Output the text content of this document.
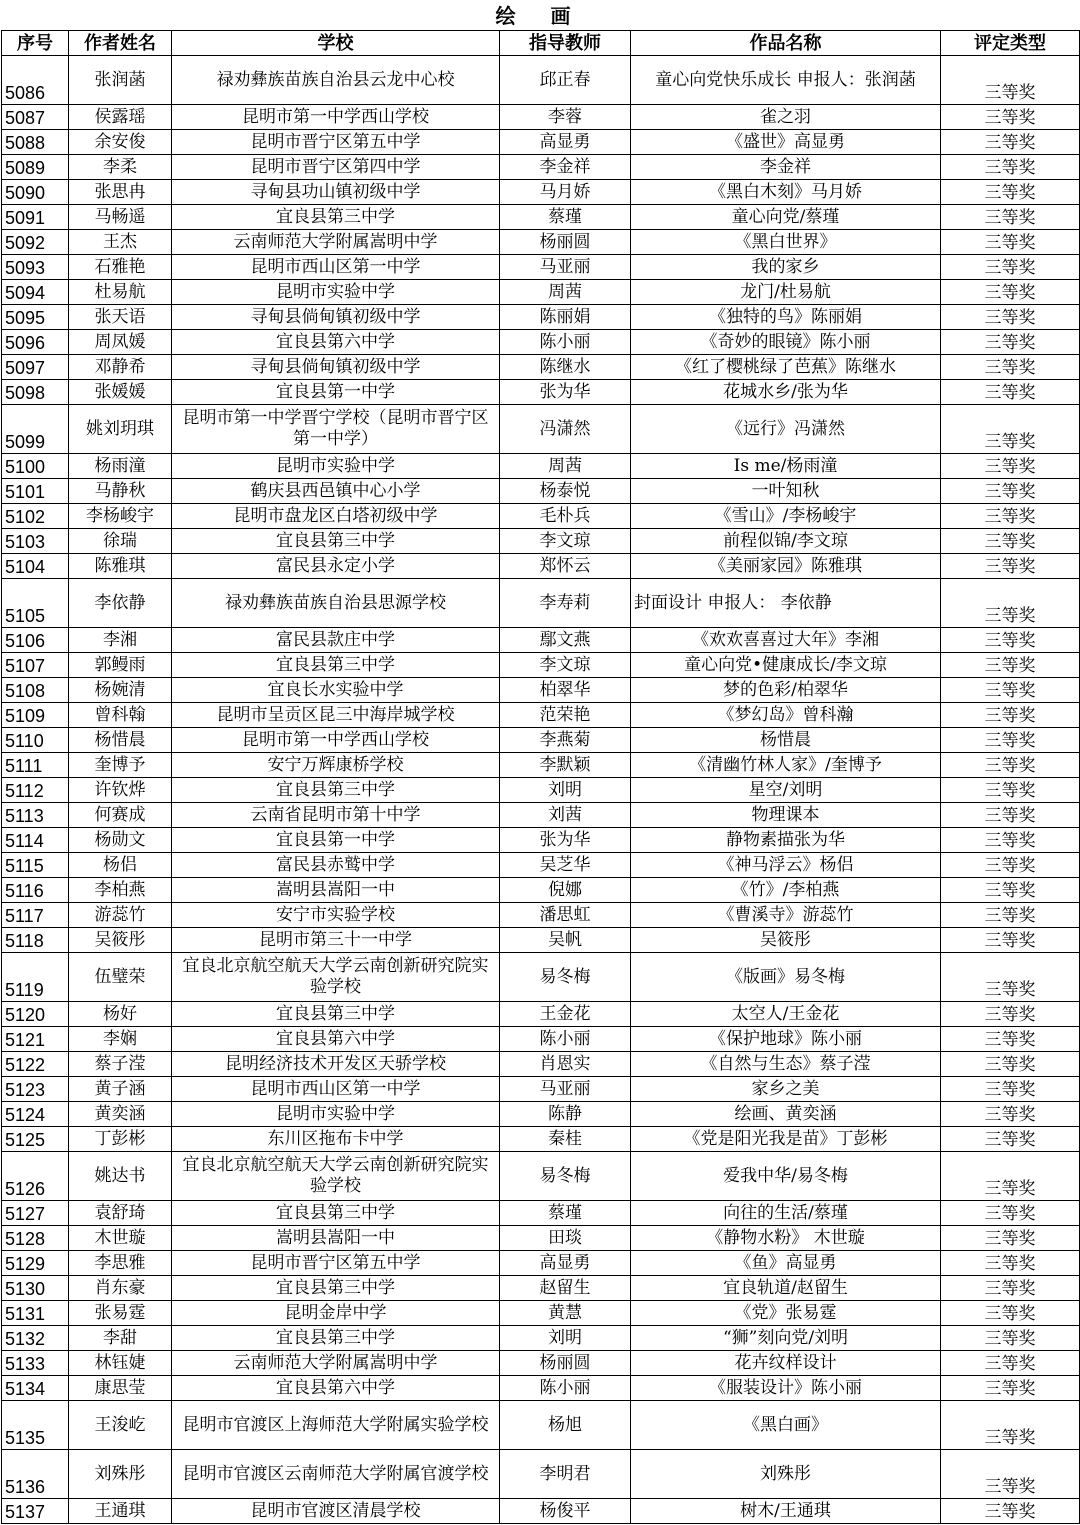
绘 画
序号	作者姓名	学校	指导教师	作品名称	评定类型
5086	张润菡	禄劝彝族苗族自治县云龙中心校	邱正春	童心向党快乐成长 申报人：张润菡	三等奖
5087	侯露瑶	昆明市第一中学西山学校	李蓉	雀之羽	三等奖
5088	余安俊	昆明市晋宁区第五中学	高显勇	《盛世》高显勇	三等奖
5089	李柔	昆明市晋宁区第四中学	李金祥	李金祥	三等奖
5090	张思冉	寻甸县功山镇初级中学	马月娇	《黑白木刻》马月娇	三等奖
5091	马畅遥	宜良县第三中学	蔡瑾	童心向党/蔡瑾	三等奖
5092	王杰	云南师范大学附属嵩明中学	杨丽圆	《黑白世界》	三等奖
5093	石雅艳	昆明市西山区第一中学	马亚丽	我的家乡	三等奖
5094	杜易航	昆明市实验中学	周茜	龙门/杜易航	三等奖
5095	张天语	寻甸县倘甸镇初级中学	陈丽娟	《独特的鸟》陈丽娟	三等奖
5096	周凤媛	宜良县第六中学	陈小丽	《奇妙的眼镜》陈小丽	三等奖
5097	邓静希	寻甸县倘甸镇初级中学	陈继水	《红了樱桃绿了芭蕉》陈继水	三等奖
5098	张媛媛	宜良县第一中学	张为华	花城水乡/张为华	三等奖
5099	姚刘玥琪	昆明市第一中学晋宁学校（昆明市晋宁区第一中学）	冯潇然	《远行》冯潇然	三等奖
5100	杨雨潼	昆明市实验中学	周茜	Is me/杨雨潼	三等奖
5101	马静秋	鹤庆县西邑镇中心小学	杨泰悦	一叶知秋	三等奖
5102	李杨峻宇	昆明市盘龙区白塔初级中学	毛朴兵	《雪山》/李杨峻宇	三等奖
5103	徐瑞	宜良县第三中学	李文琼	前程似锦/李文琼	三等奖
5104	陈雅琪	富民县永定小学	郑怀云	《美丽家园》陈雅琪	三等奖
5105	李依静	禄劝彝族苗族自治县思源学校	李寿莉	封面设计 申报人： 李依静	三等奖
5106	李湘	富民县款庄中学	鄢文燕	《欢欢喜喜过大年》李湘	三等奖
5107	郭鳗雨	宜良县第三中学	李文琼	童心向党•健康成长/李文琼	三等奖
5108	杨婉清	宜良长水实验中学	柏翠华	梦的色彩/柏翠华	三等奖
5109	曾科翰	昆明市呈贡区昆三中海岸城学校	范荣艳	《梦幻岛》曾科瀚	三等奖
5110	杨惜晨	昆明市第一中学西山学校	李燕菊	杨惜晨	三等奖
5111	奎博予	安宁万辉康桥学校	李默颖	《清幽竹林人家》/奎博予	三等奖
5112	许钦烨	宜良县第三中学	刘明	星空/刘明	三等奖
5113	何赛成	云南省昆明市第十中学	刘茜	物理课本	三等奖
5114	杨勋文	宜良县第一中学	张为华	静物素描张为华	三等奖
5115	杨侣	富民县赤鹫中学	吴芝华	《神马浮云》杨侣	三等奖
5116	李柏燕	嵩明县嵩阳一中	倪娜	《竹》/李柏燕	三等奖
5117	游蕊竹	安宁市实验学校	潘思虹	《曹溪寺》游蕊竹	三等奖
5118	吴筱彤	昆明市第三十一中学	吴帆	吴筱彤	三等奖
5119	伍璧荣	宜良北京航空航天大学云南创新研究院实验学校	易冬梅	《版画》易冬梅	三等奖
5120	杨好	宜良县第三中学	王金花	太空人/王金花	三等奖
5121	李娴	宜良县第六中学	陈小丽	《保护地球》陈小丽	三等奖
5122	蔡子滢	昆明经济技术开发区天骄学校	肖恩实	《自然与生态》蔡子滢	三等奖
5123	黄子涵	昆明市西山区第一中学	马亚丽	家乡之美	三等奖
5124	黄奕涵	昆明市实验中学	陈静	绘画、黄奕涵	三等奖
5125	丁彭彬	东川区拖布卡中学	秦桂	《党是阳光我是苗》丁彭彬	三等奖
5126	姚达书	宜良北京航空航天大学云南创新研究院实验学校	易冬梅	爱我中华/易冬梅	三等奖
5127	袁舒琦	宜良县第三中学	蔡瑾	向往的生活/蔡瑾	三等奖
5128	木世璇	嵩明县嵩阳一中	田琰	《静物水粉》 木世璇	三等奖
5129	李思雅	昆明市晋宁区第五中学	高显勇	《鱼》高显勇	三等奖
5130	肖东豪	宜良县第三中学	赵留生	宜良轨道/赵留生	三等奖
5131	张易霆	昆明金岸中学	黄慧	《党》张易霆	三等奖
5132	李甜	宜良县第三中学	刘明	“狮”刻向党/刘明	三等奖
5133	林钰婕	云南师范大学附属嵩明中学	杨丽圆	花卉纹样设计	三等奖
5134	康思莹	宜良县第六中学	陈小丽	《服装设计》陈小丽	三等奖
5135	王浚屹	昆明市官渡区上海师范大学附属实验学校	杨旭	《黑白画》	三等奖
5136	刘殊彤	昆明市官渡区云南师范大学附属官渡学校	李明君	刘殊彤	三等奖
5137	王通琪	昆明市官渡区清晨学校	杨俊平	树木/王通琪	三等奖
